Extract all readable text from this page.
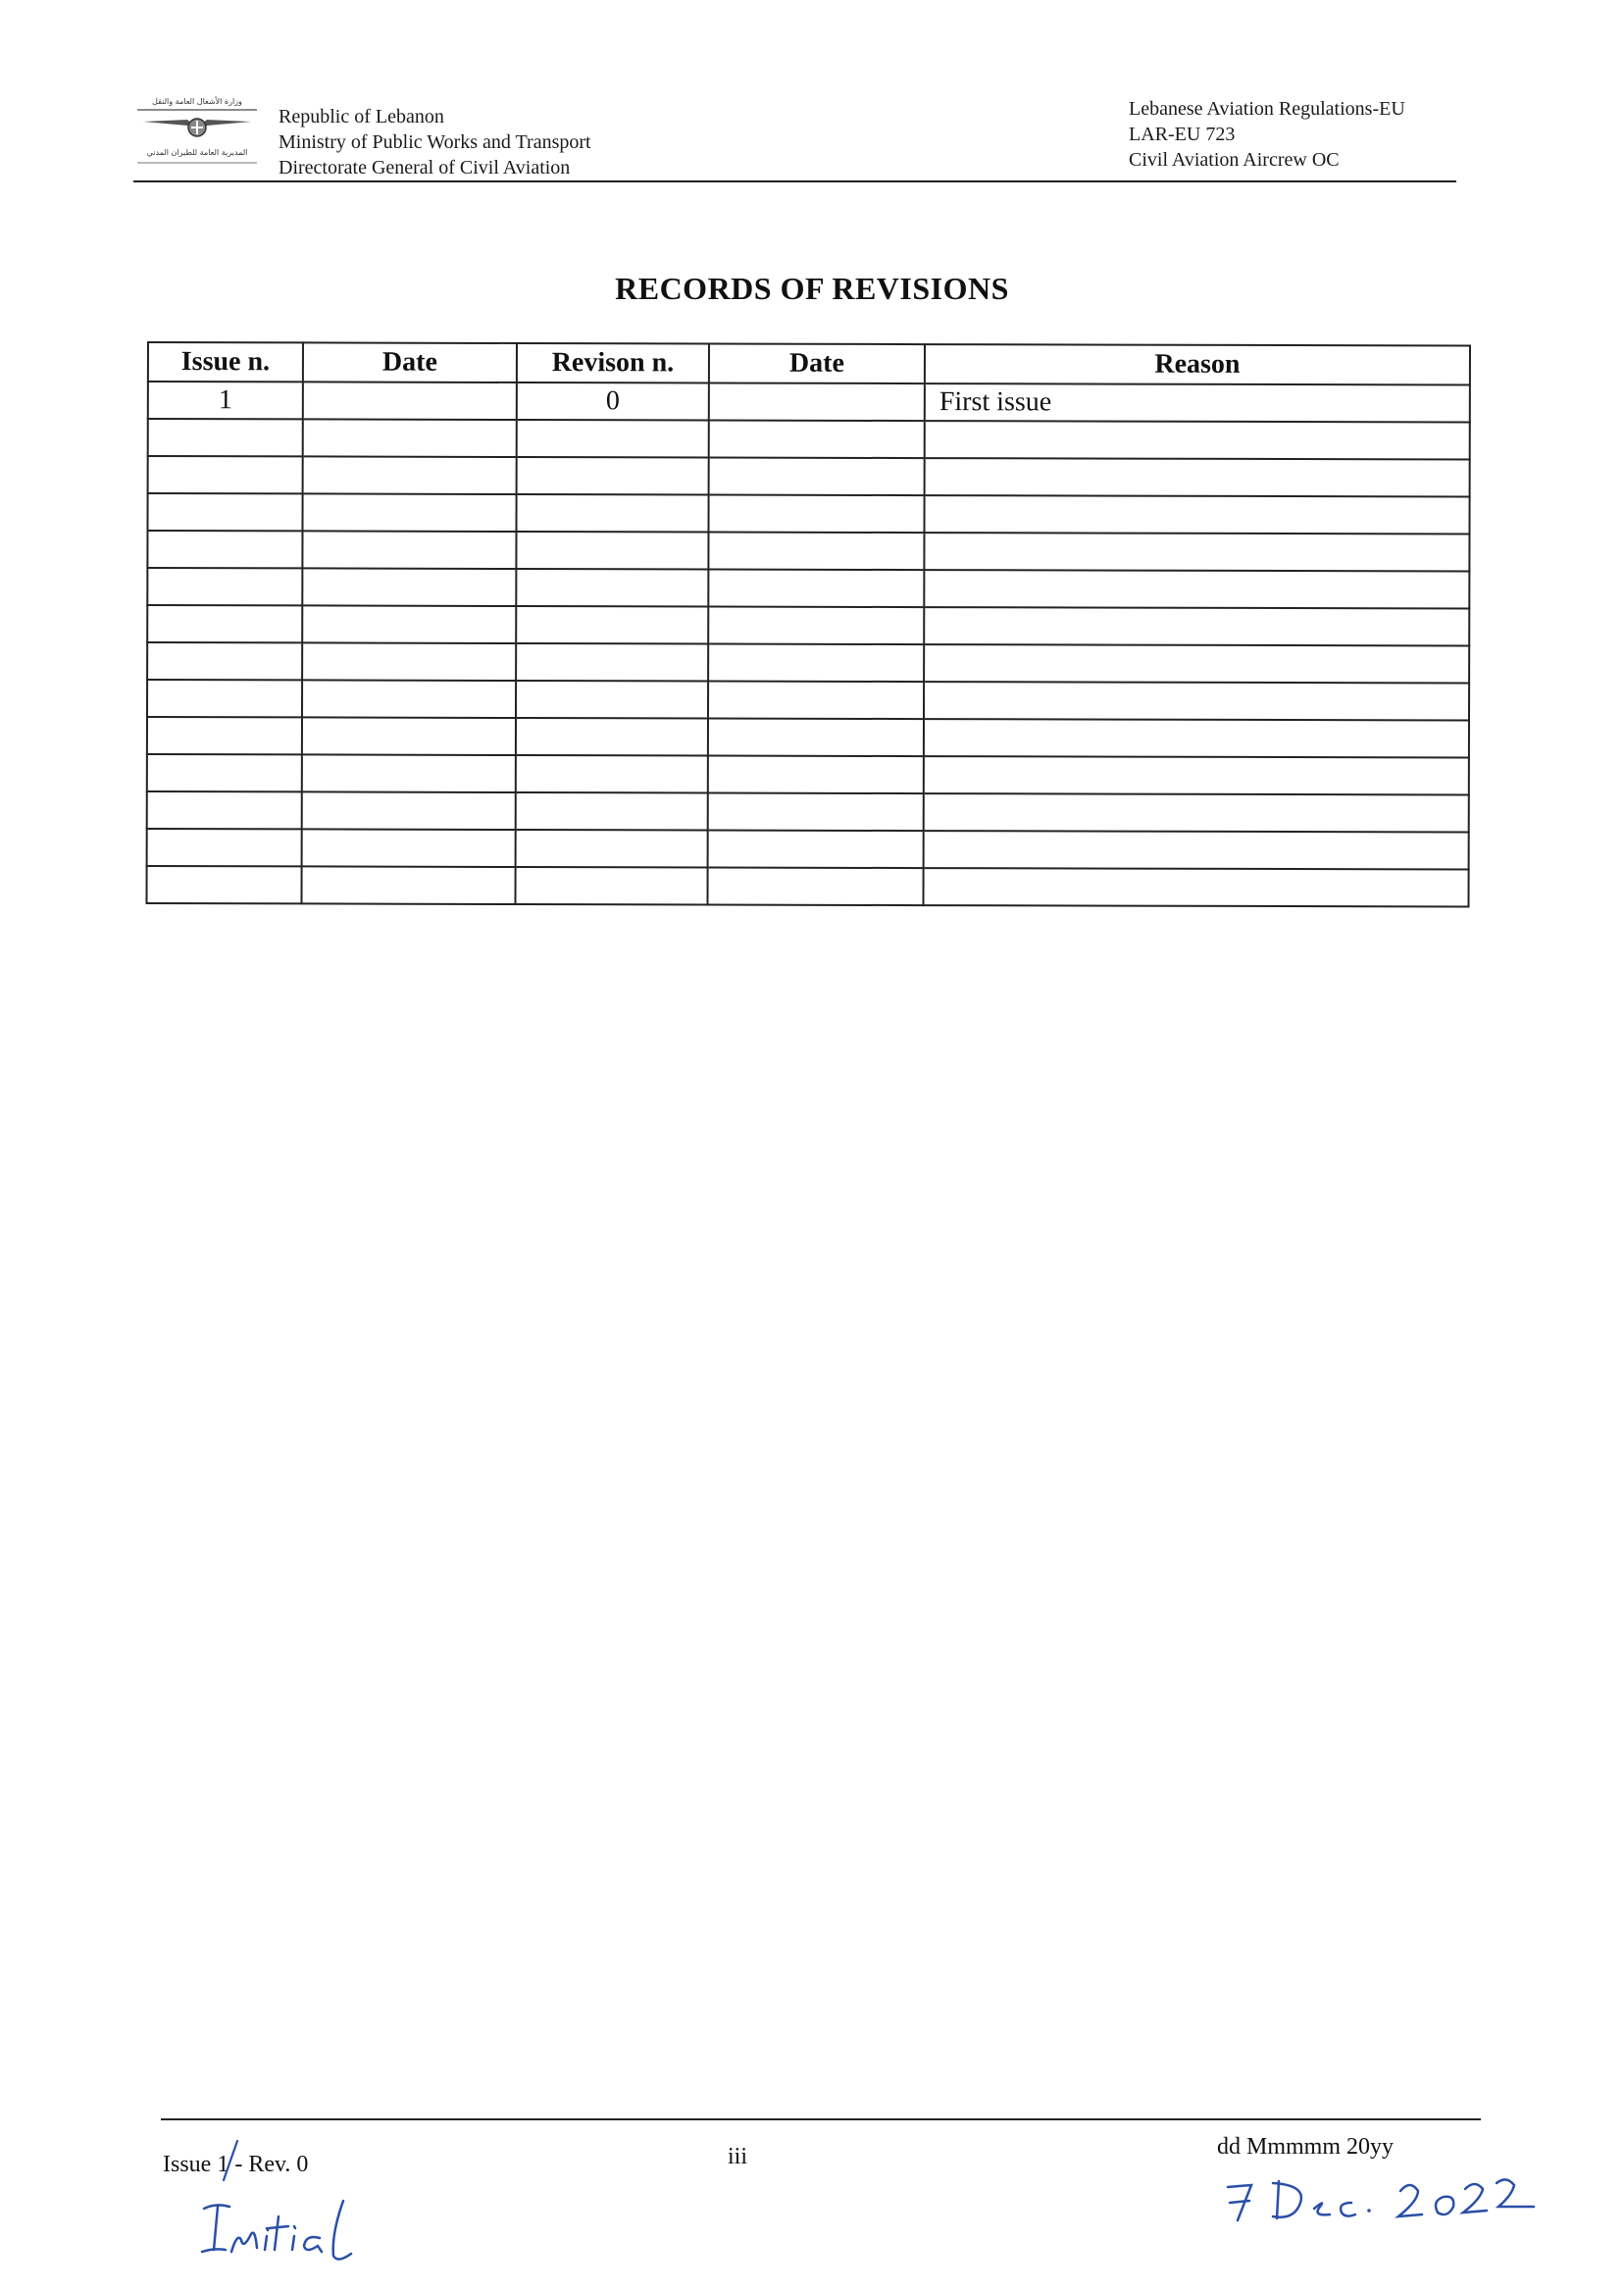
وزارة الأشغال العامة والنقل
المديرية العامة للطيران المدني
Republic of Lebanon
Ministry of Public Works and Transport
Directorate General of Civil Aviation
Lebanese Aviation Regulations-EU
LAR-EU 723
Civil Aviation Aircrew OC
RECORDS OF REVISIONS
Issue n.	Date	Revison n.	Date	Reason
1		0		First issue

Issue 1 - Rev. 0	iii	dd Mmmmm 20yy
